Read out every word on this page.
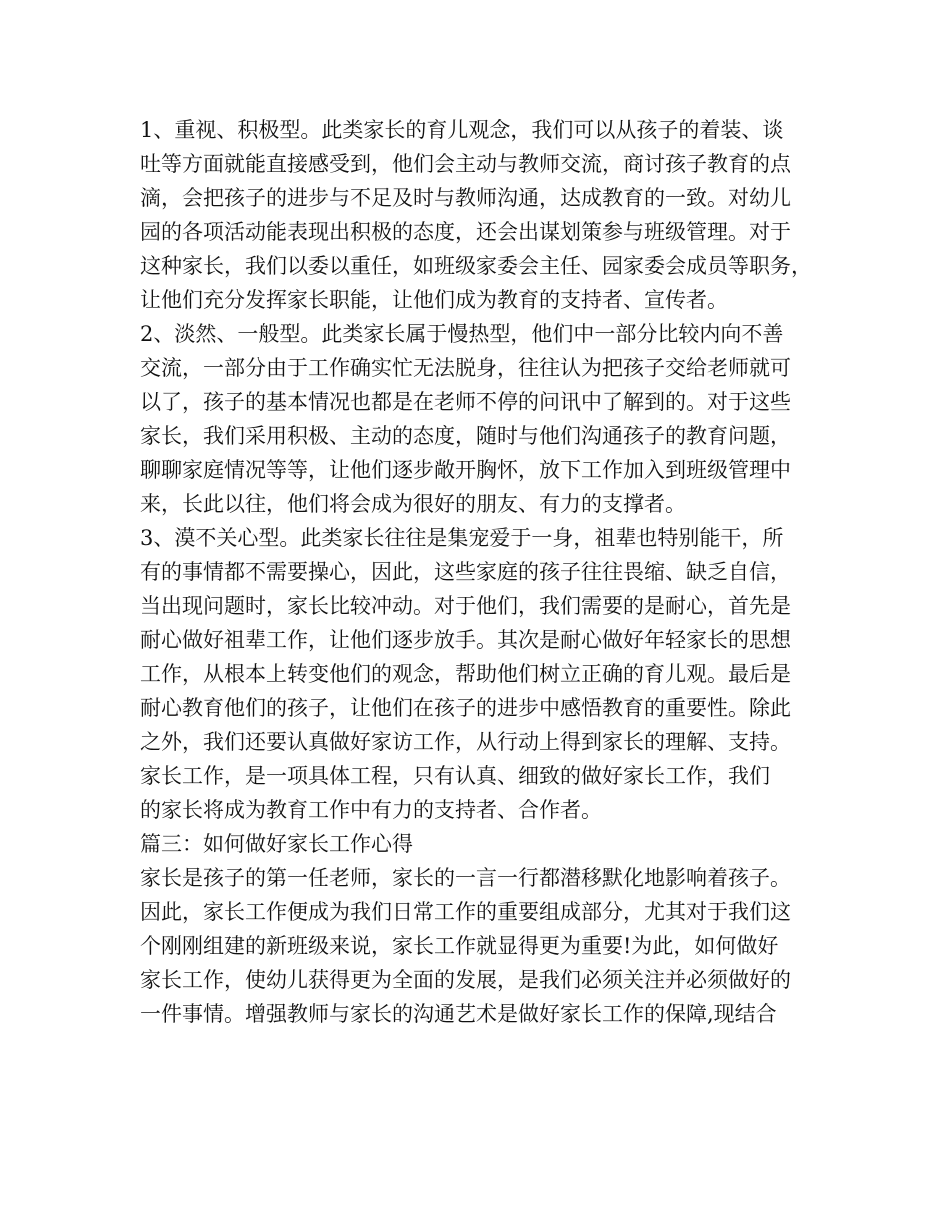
1、重视、积极型。此类家长的育儿观念，我们可以从孩子的着装、谈
吐等方面就能直接感受到，他们会主动与教师交流，商讨孩子教育的点
滴，会把孩子的进步与不足及时与教师沟通，达成教育的一致。对幼儿
园的各项活动能表现出积极的态度，还会出谋划策参与班级管理。对于
这种家长，我们以委以重任，如班级家委会主任、园家委会成员等职务，
让他们充分发挥家长职能，让他们成为教育的支持者、宣传者。
2、淡然、一般型。此类家长属于慢热型，他们中一部分比较内向不善
交流，一部分由于工作确实忙无法脱身，往往认为把孩子交给老师就可
以了，孩子的基本情况也都是在老师不停的问讯中了解到的。对于这些
家长，我们采用积极、主动的态度，随时与他们沟通孩子的教育问题，
聊聊家庭情况等等，让他们逐步敞开胸怀，放下工作加入到班级管理中
来，长此以往，他们将会成为很好的朋友、有力的支撑者。
3、漠不关心型。此类家长往往是集宠爱于一身，祖辈也特别能干，所
有的事情都不需要操心，因此，这些家庭的孩子往往畏缩、缺乏自信，
当出现问题时，家长比较冲动。对于他们，我们需要的是耐心，首先是
耐心做好祖辈工作，让他们逐步放手。其次是耐心做好年轻家长的思想
工作，从根本上转变他们的观念，帮助他们树立正确的育儿观。最后是
耐心教育他们的孩子，让他们在孩子的进步中感悟教育的重要性。除此
之外，我们还要认真做好家访工作，从行动上得到家长的理解、支持。
家长工作，是一项具体工程，只有认真、细致的做好家长工作，我们
的家长将成为教育工作中有力的支持者、合作者。
篇三：如何做好家长工作心得
家长是孩子的第一任老师，家长的一言一行都潜移默化地影响着孩子。
因此，家长工作便成为我们日常工作的重要组成部分，尤其对于我们这
个刚刚组建的新班级来说，家长工作就显得更为重要!为此，如何做好
家长工作，使幼儿获得更为全面的发展，是我们必须关注并必须做好的
一件事情。增强教师与家长的沟通艺术是做好家长工作的保障,现结合
